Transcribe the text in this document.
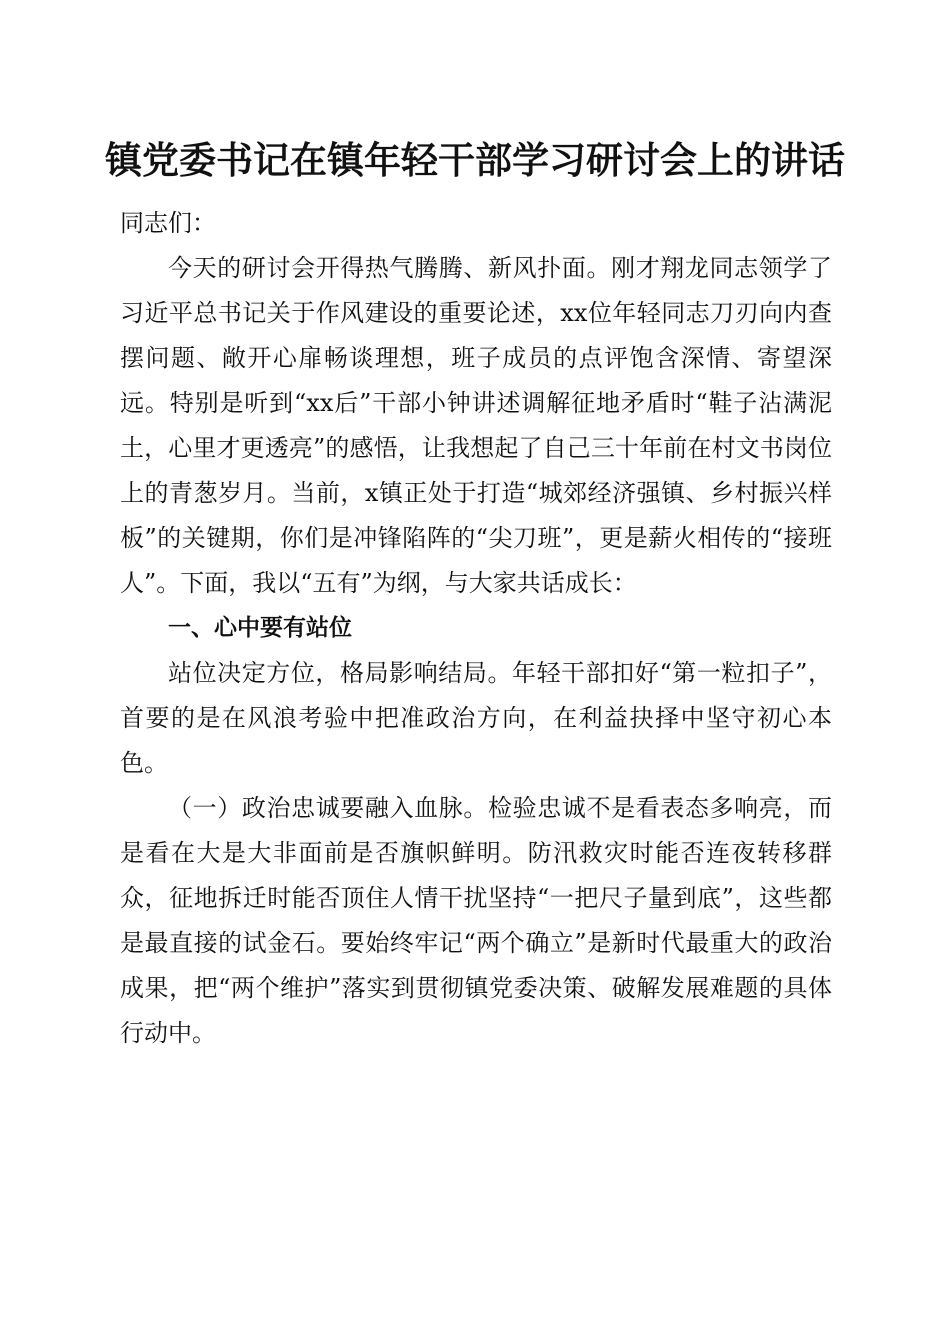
镇党委书记在镇年轻干部学习研讨会上的讲话

同志们：

今天的研讨会开得热气腾腾、新风扑面。刚才翔龙同志领学了习近平总书记关于作风建设的重要论述，xx位年轻同志刀刃向内查摆问题、敞开心扉畅谈理想，班子成员的点评饱含深情、寄望深远。特别是听到“xx后”干部小钟讲述调解征地矛盾时“鞋子沾满泥土，心里才更透亮”的感悟，让我想起了自己三十年前在村文书岗位上的青葱岁月。当前，x镇正处于打造“城郊经济强镇、乡村振兴样板”的关键期，你们是冲锋陷阵的“尖刀班”，更是薪火相传的“接班人”。下面，我以“五有”为纲，与大家共话成长：

一、心中要有站位

站位决定方位，格局影响结局。年轻干部扣好“第一粒扣子”，首要的是在风浪考验中把准政治方向，在利益抉择中坚守初心本色。

（一）政治忠诚要融入血脉。检验忠诚不是看表态多响亮，而是看在大是大非面前是否旗帜鲜明。防汛救灾时能否连夜转移群众，征地拆迁时能否顶住人情干扰坚持“一把尺子量到底”，这些都是最直接的试金石。要始终牢记“两个确立”是新时代最重大的政治成果，把“两个维护”落实到贯彻镇党委决策、破解发展难题的具体行动中。
